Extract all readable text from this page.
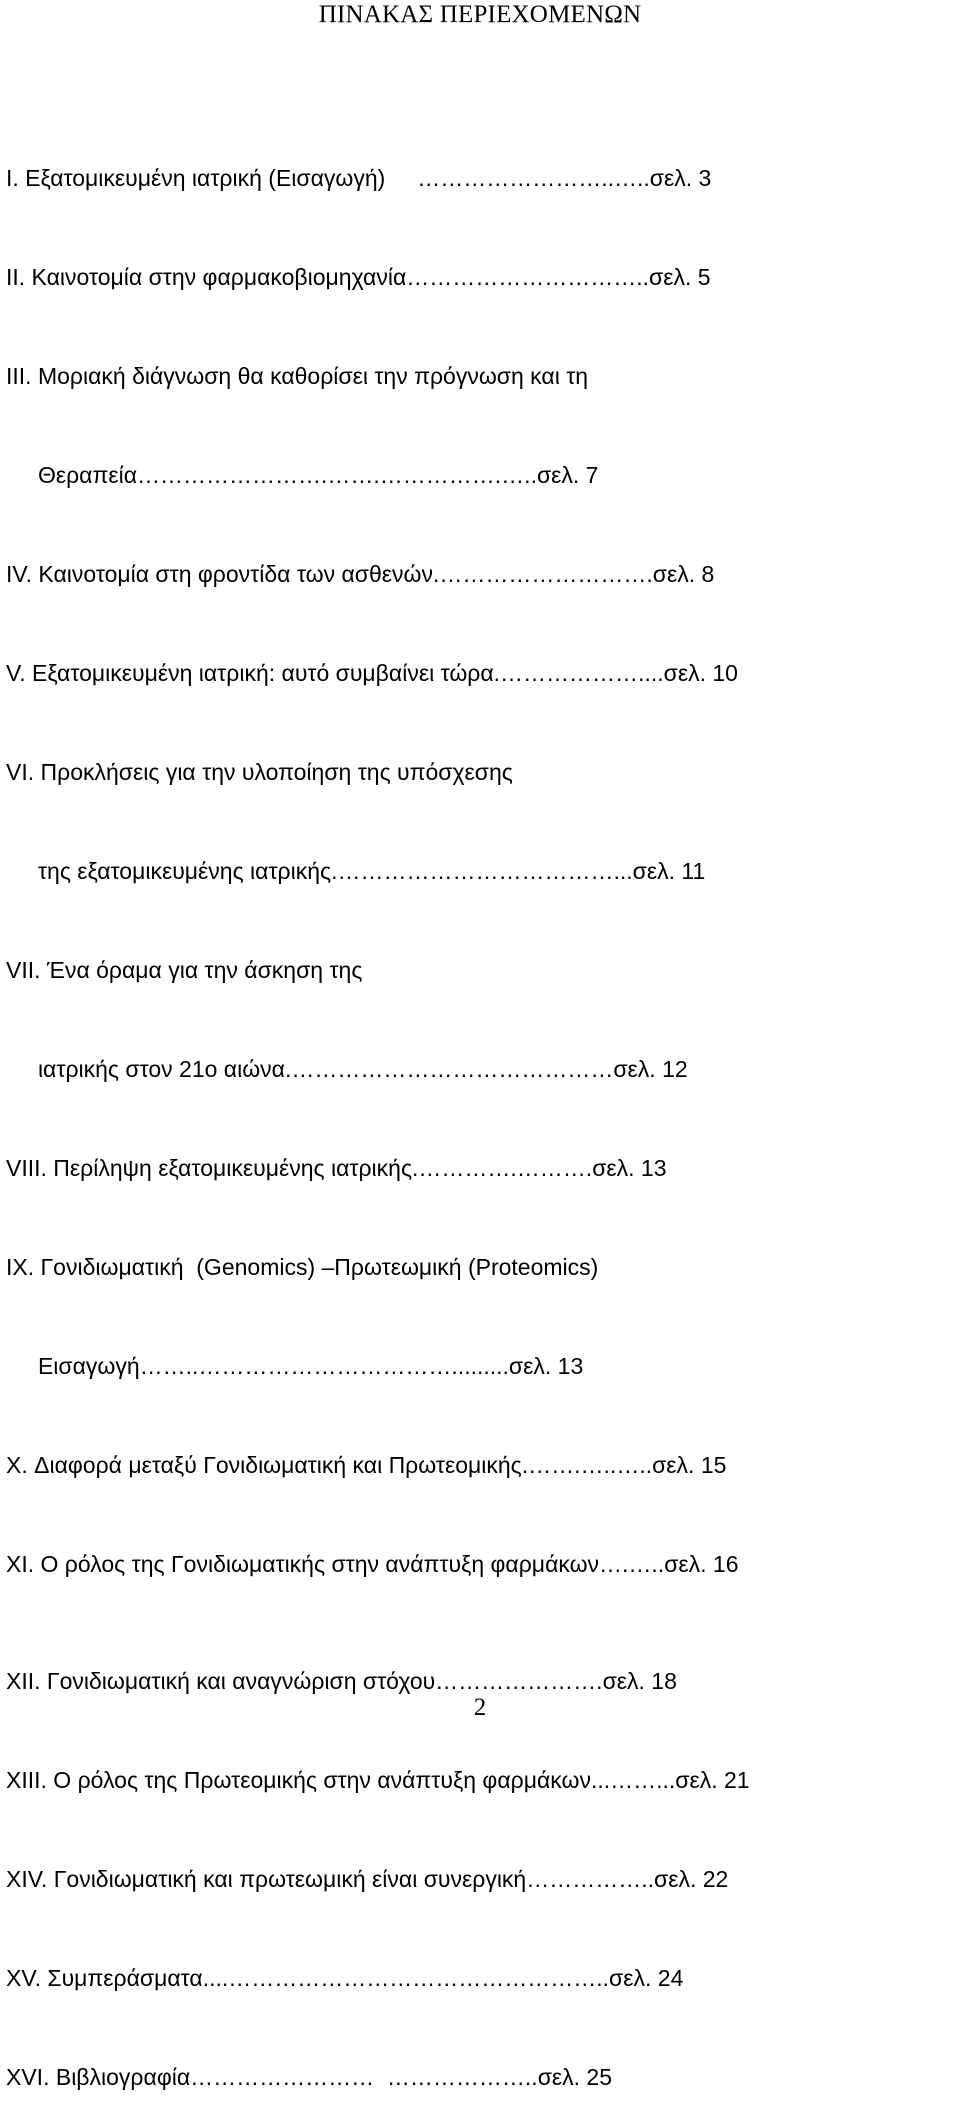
ΠΙΝΑΚΑΣ ΠΕΡΙΕΧΟΜΕΝΩΝ

I. Εξατομικευμένη ιατρική (Εισαγωγή)     ……………………..…..σελ. 3

II. Καινοτομία στην φαρμακοβιομηχανία…………………………..σελ. 5

III. Μοριακή διάγνωση θα καθορίσει την πρόγνωση και τη

Θεραπεία…………………….…….…………….…..σελ. 7

IV. Καινοτομία στη φροντίδα των ασθενών.……………………….σελ. 8

V. Εξατομικευμένη ιατρική: αυτό συμβαίνει τώρα.………………....σελ. 10

VI. Προκλήσεις για την υλοποίηση της υπόσχεσης

της εξατομικευμένης ιατρικής.………………………………...σελ. 11

VII. Ένα όραμα για την άσκηση της

ιατρικής στον 21ο αιώνα.……………………………………σελ. 12

VIII. Περίληψη εξατομικευμένης ιατρικής.………….……….σελ. 13

IX. Γονιδιωματική  (Genomics) –Πρωτεωμική (Proteomics)

Εισαγωγή……..…………………………….........σελ. 13

X. Διαφορά μεταξύ Γονιδιωματική και Πρωτεομικής.…….…..…..σελ. 15

XI. Ο ρόλος της Γονιδιωματικής στην ανάπτυξη φαρμάκων….…..σελ. 16

XII. Γονιδιωματική και αναγνώριση στόχου………………….σελ. 18

XIII. Ο ρόλος της Πρωτεομικής στην ανάπτυξη φαρμάκων...……...σελ. 21

XIV. Γονιδιωματική και πρωτεωμική είναι συνεργική……………..σελ. 22

XV. Συμπεράσματα....…………………………………………..σελ. 24

XVI. Βιβλιογραφία……………………  ………………..σελ. 25

2
